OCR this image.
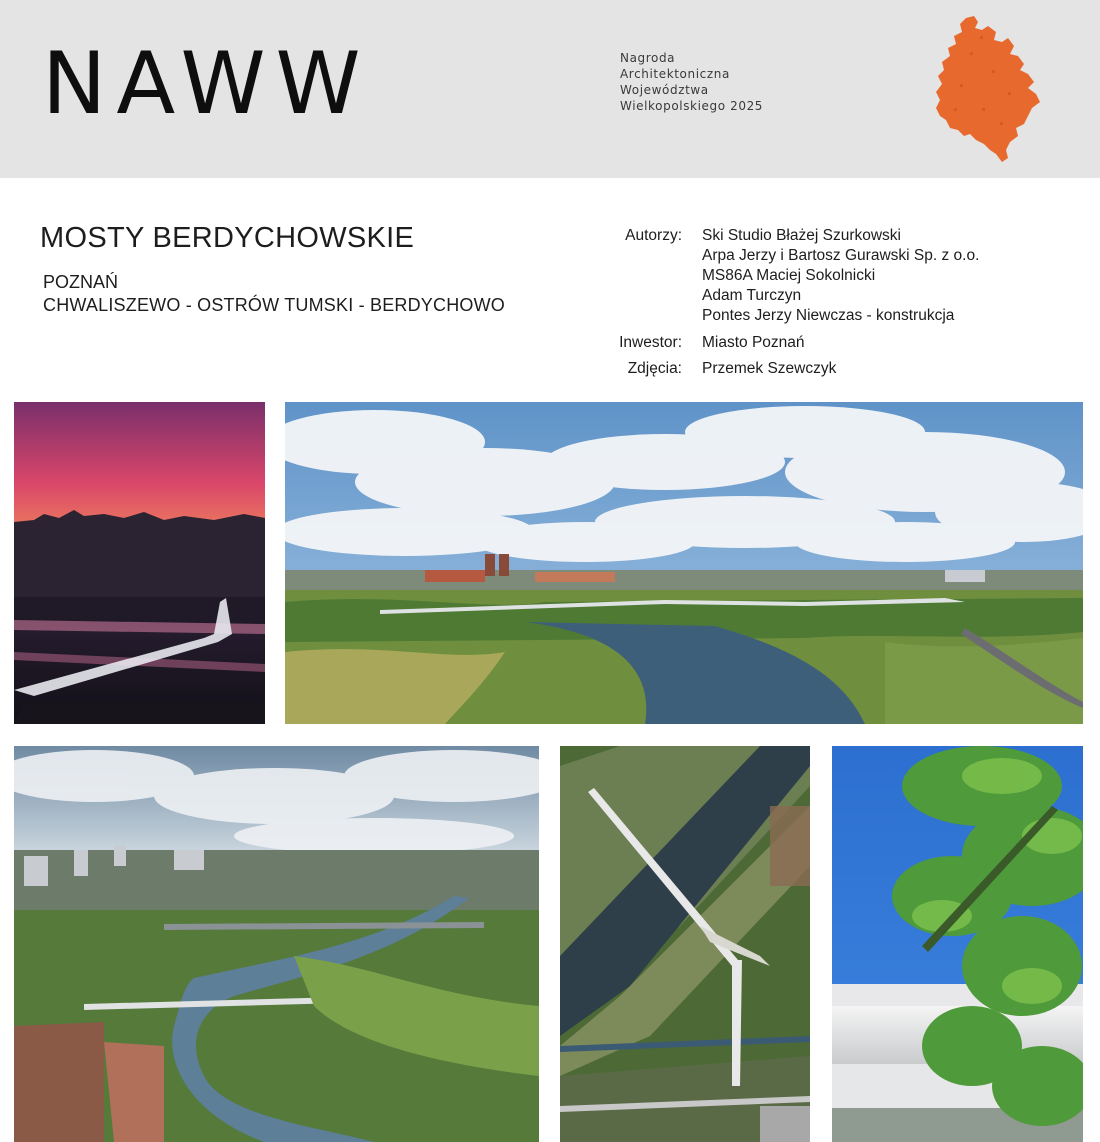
NAWW	Nagroda
Architektoniczna
Województwa
Wielkopolskiego 2025
MOSTY BERDYCHOWSKIE
POZNAŃ
CHWALISZEWO - OSTRÓW TUMSKI - BERDYCHOWO
Autorzy: Ski Studio Błażej Szurkowski
Arpa Jerzy i Bartosz Gurawski Sp. z o.o.
MS86A Maciej Sokolnicki
Adam Turczyn
Pontes Jerzy Niewczas - konstrukcja
Inwestor: Miasto Poznań
Zdjęcia: Przemek Szewczyk
